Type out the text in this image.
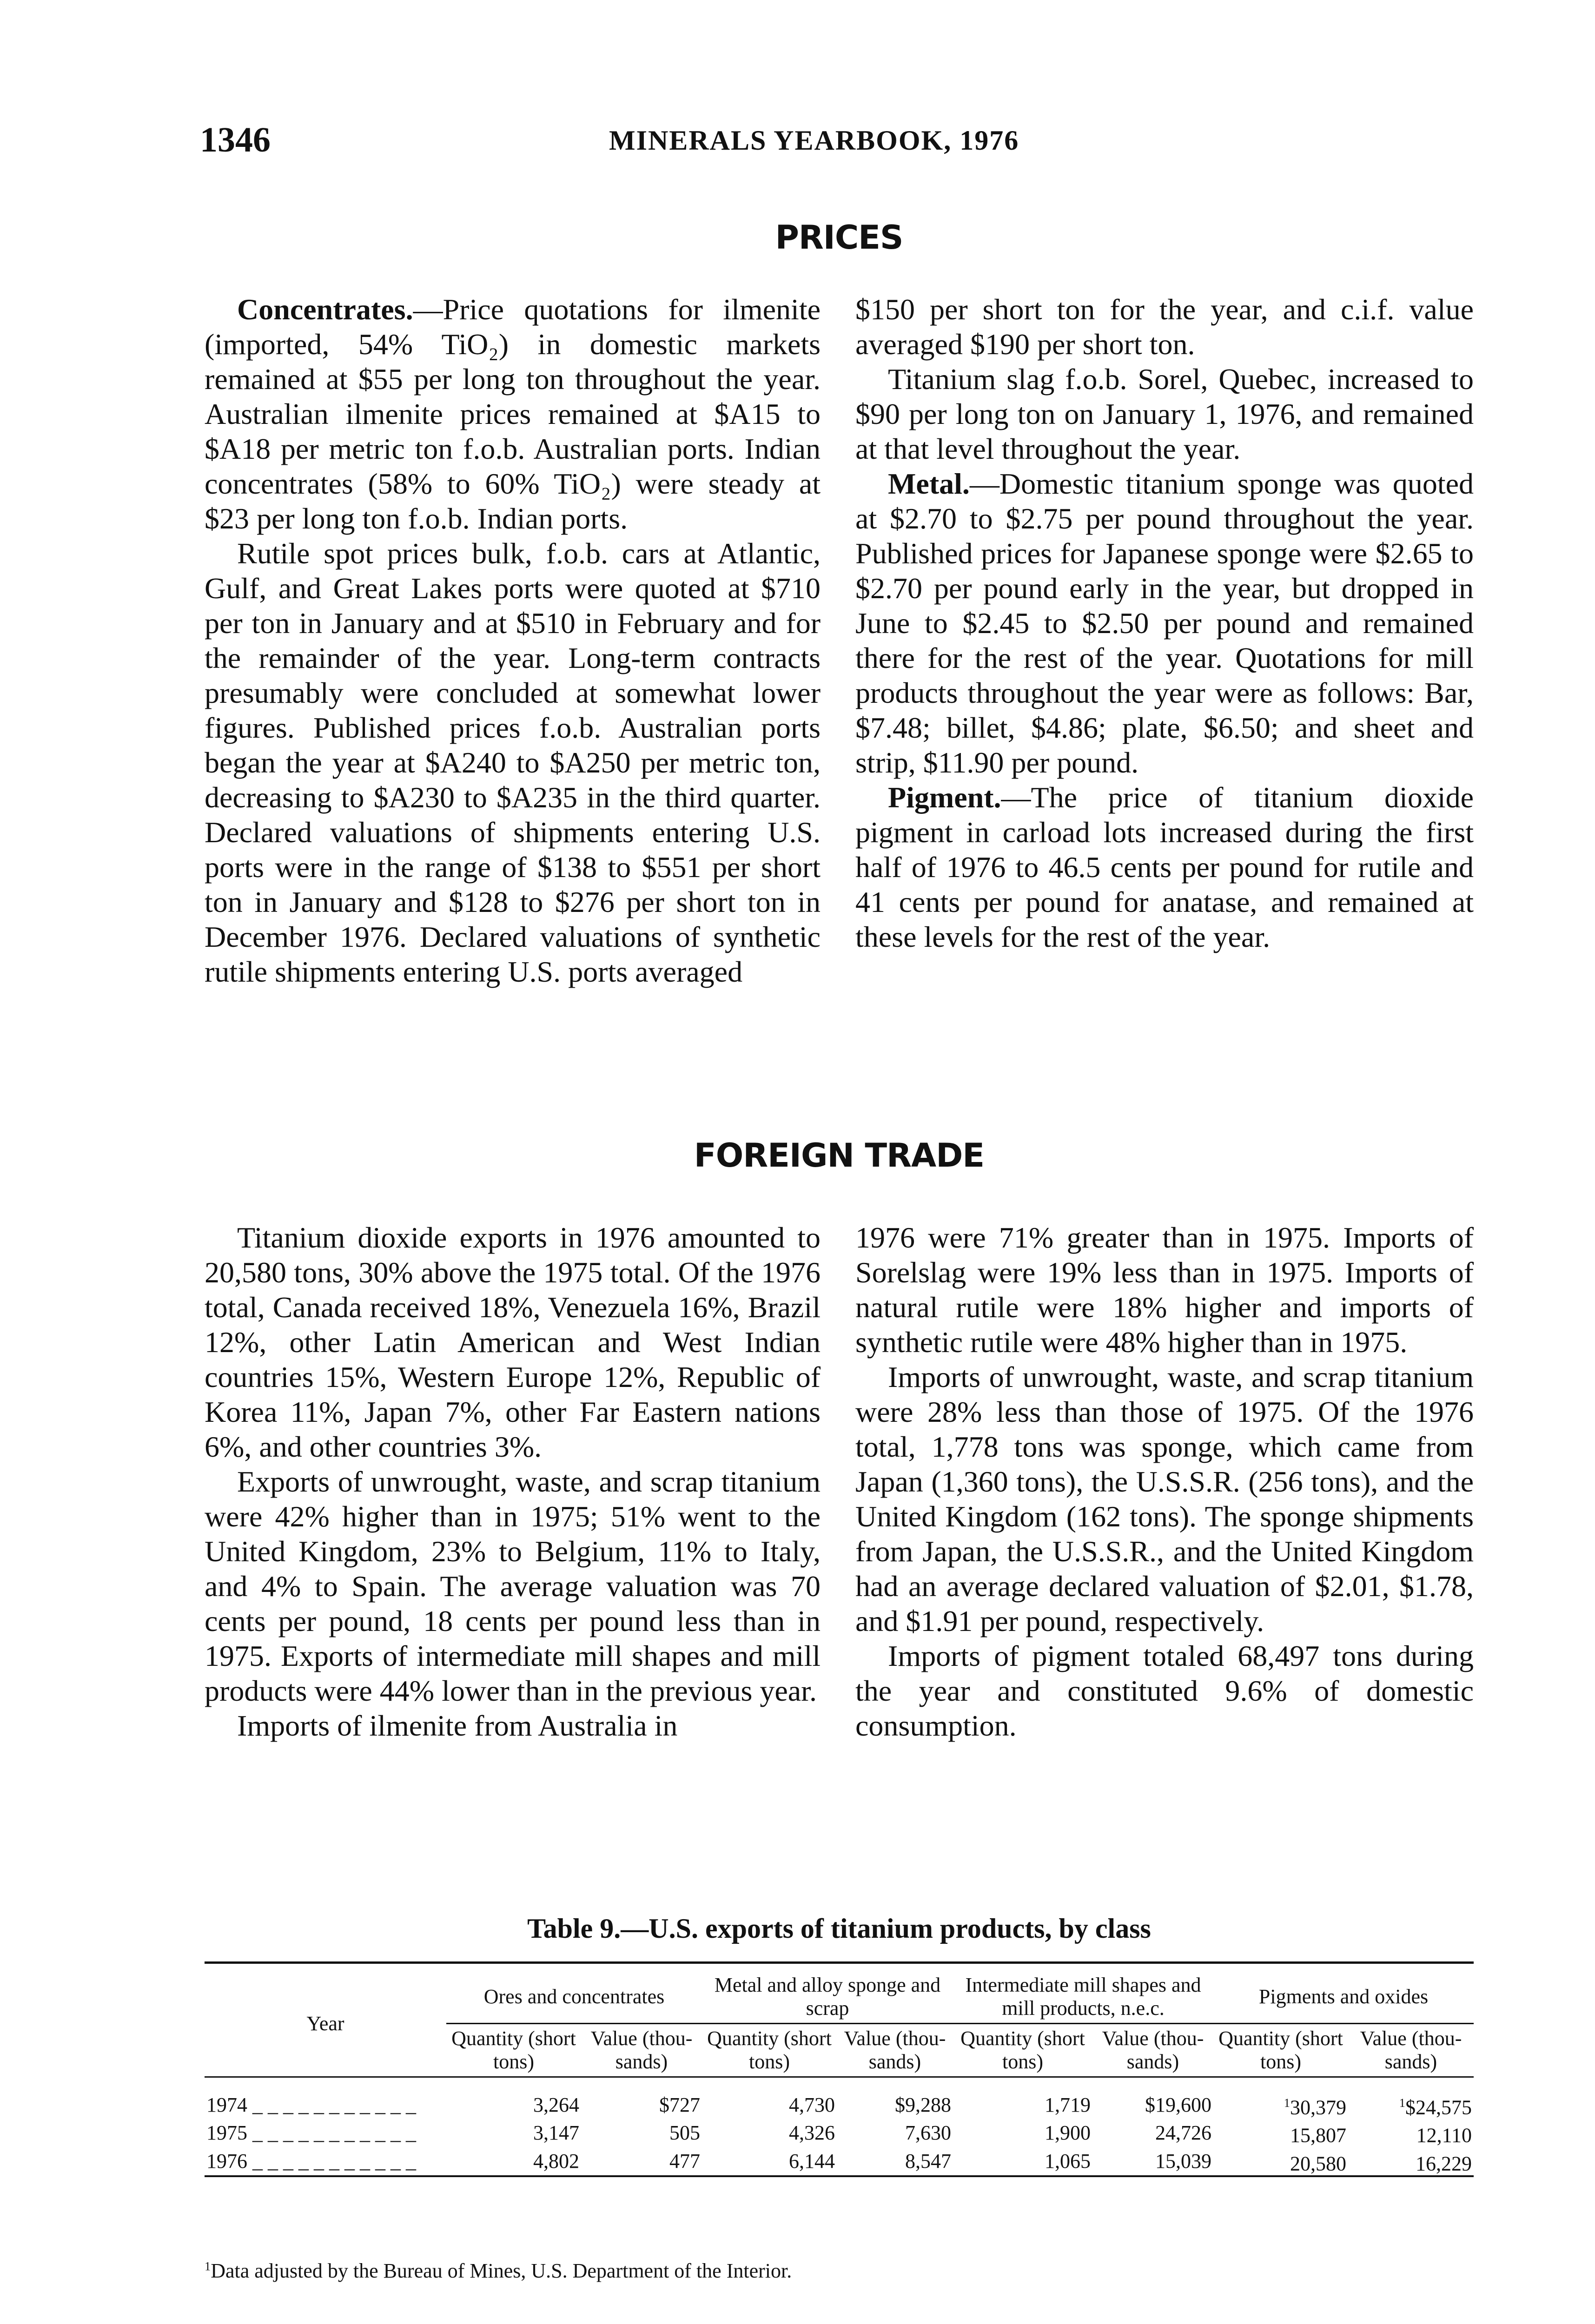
1346	MINERALS YEARBOOK, 1976
PRICES

Concentrates.—Price quotations for ilmenite (imported, 54% TiO₂) in domestic markets remained at $55 per long ton throughout the year. Australian ilmenite prices remained at $A15 to $A18 per metric ton f.o.b. Australian ports. Indian concentrates (58% to 60% TiO₂) were steady at $23 per long ton f.o.b. Indian ports.

Rutile spot prices bulk, f.o.b. cars at Atlantic, Gulf, and Great Lakes ports were quoted at $710 per ton in January and at $510 in February and for the remainder of the year. Long-term contracts presumably were concluded at somewhat lower figures. Published prices f.o.b. Australian ports began the year at $A240 to $A250 per metric ton, decreasing to $A230 to $A235 in the third quarter. Declared valuations of shipments entering U.S. ports were in the range of $138 to $551 per short ton in January and $128 to $276 per short ton in December 1976. Declared valuations of synthetic rutile shipments entering U.S. ports averaged

$150 per short ton for the year, and c.i.f. value averaged $190 per short ton.

Titanium slag f.o.b. Sorel, Quebec, increased to $90 per long ton on January 1, 1976, and remained at that level throughout the year.

Metal.—Domestic titanium sponge was quoted at $2.70 to $2.75 per pound throughout the year. Published prices for Japanese sponge were $2.65 to $2.70 per pound early in the year, but dropped in June to $2.45 to $2.50 per pound and remained there for the rest of the year. Quotations for mill products throughout the year were as follows: Bar, $7.48; billet, $4.86; plate, $6.50; and sheet and strip, $11.90 per pound.

Pigment.—The price of titanium dioxide pigment in carload lots increased during the first half of 1976 to 46.5 cents per pound for rutile and 41 cents per pound for anatase, and remained at these levels for the rest of the year.

FOREIGN TRADE

Titanium dioxide exports in 1976 amounted to 20,580 tons, 30% above the 1975 total. Of the 1976 total, Canada received 18%, Venezuela 16%, Brazil 12%, other Latin American and West Indian countries 15%, Western Europe 12%, Republic of Korea 11%, Japan 7%, other Far Eastern nations 6%, and other countries 3%.

Exports of unwrought, waste, and scrap titanium were 42% higher than in 1975; 51% went to the United Kingdom, 23% to Belgium, 11% to Italy, and 4% to Spain. The average valuation was 70 cents per pound, 18 cents per pound less than in 1975. Exports of intermediate mill shapes and mill products were 44% lower than in the previous year.

Imports of ilmenite from Australia in

1976 were 71% greater than in 1975. Imports of Sorelslag were 19% less than in 1975. Imports of natural rutile were 18% higher and imports of synthetic rutile were 48% higher than in 1975.

Imports of unwrought, waste, and scrap titanium were 28% less than those of 1975. Of the 1976 total, 1,778 tons was sponge, which came from Japan (1,360 tons), the U.S.S.R. (256 tons), and the United Kingdom (162 tons). The sponge shipments from Japan, the U.S.S.R., and the United Kingdom had an average declared valuation of $2.01, $1.78, and $1.91 per pound, respectively.

Imports of pigment totaled 68,497 tons during the year and constituted 9.6% of domestic consumption.

Table 9.—U.S. exports of titanium products, by class
Year	Ores and concentrates		Metal and alloy sponge and scrap		Intermediate mill shapes and mill products, n.e.c.		Pigments and oxides	
	Quantity (short tons)	Value (thou- sands)	Quantity (short tons)	Value (thou- sands)	Quantity (short tons)	Value (thou- sands)	Quantity (short tons)	Value (thou- sands)

1974 _ _ _ _ _ _ _ _ _ _ _	3,264	$727	4,730	$9,288	1,719	$19,600	$^1$30,379	$^1$\$24,575
1975 _ _ _ _ _ _ _ _ _ _ _	3,147	505	4,326	7,630	1,900	24,726	15,807	12,110
1976 _ _ _ _ _ _ _ _ _ _ _	4,802	477	6,144	8,547	1,065	15,039	20,580	16,229
$^1$Data adjusted by the Bureau of Mines, U.S. Department of the Interior.
